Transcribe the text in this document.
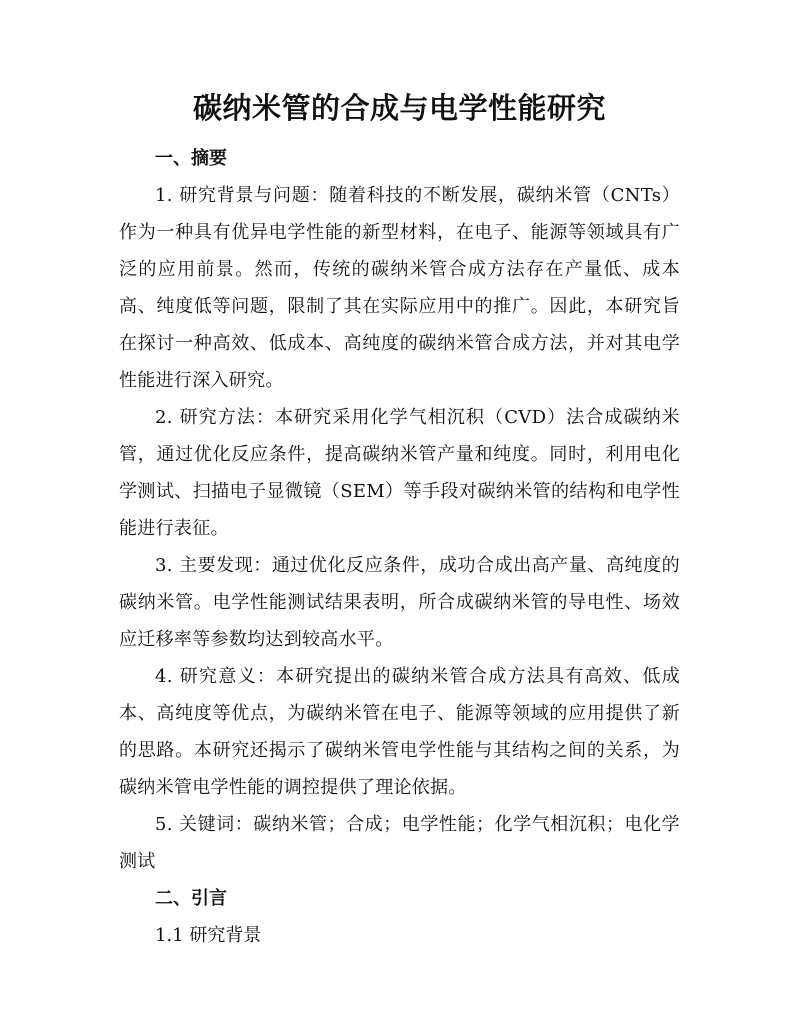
碳纳米管的合成与电学性能研究
一、摘要

1. 研究背景与问题：随着科技的不断发展，碳纳米管（CNTs）作为一种具有优异电学性能的新型材料，在电子、能源等领域具有广泛的应用前景。然而，传统的碳纳米管合成方法存在产量低、成本高、纯度低等问题，限制了其在实际应用中的推广。因此，本研究旨在探讨一种高效、低成本、高纯度的碳纳米管合成方法，并对其电学性能进行深入研究。

2. 研究方法：本研究采用化学气相沉积（CVD）法合成碳纳米管，通过优化反应条件，提高碳纳米管产量和纯度。同时，利用电化学测试、扫描电子显微镜（SEM）等手段对碳纳米管的结构和电学性能进行表征。

3. 主要发现：通过优化反应条件，成功合成出高产量、高纯度的碳纳米管。电学性能测试结果表明，所合成碳纳米管的导电性、场效应迁移率等参数均达到较高水平。

4. 研究意义：本研究提出的碳纳米管合成方法具有高效、低成本、高纯度等优点，为碳纳米管在电子、能源等领域的应用提供了新的思路。本研究还揭示了碳纳米管电学性能与其结构之间的关系，为碳纳米管电学性能的调控提供了理论依据。

5. 关键词：碳纳米管；合成；电学性能；化学气相沉积；电化学测试

二、引言

1.1 研究背景
